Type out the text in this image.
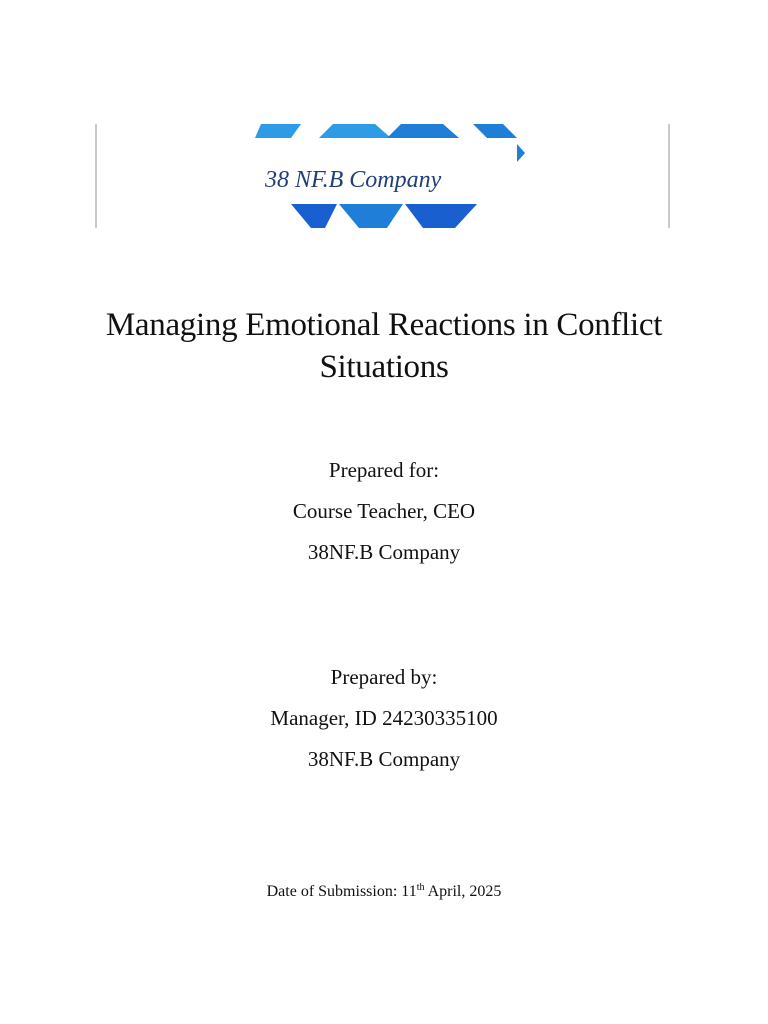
38 NF.B Company
Managing Emotional Reactions in Conflict Situations
Prepared for:
Course Teacher, CEO
38NF.B Company
Prepared by:
Manager, ID 24230335100
38NF.B Company
Date of Submission: 11th April, 2025
